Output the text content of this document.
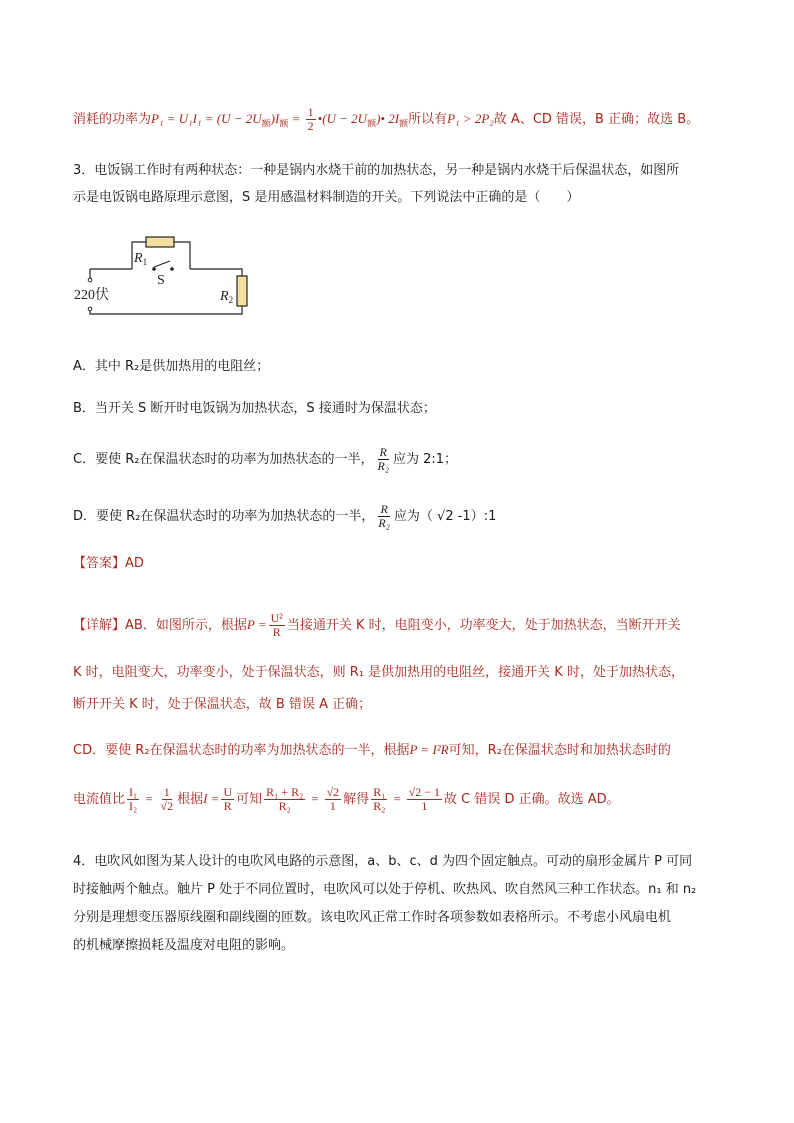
消耗的功率为$P_1 = U_1I_1 = (U - 2U_额)I_额 = \frac{1}{2}$ •(U − $2U_额)•$ $2I_额$所以有P₁ > 2P₂故 A、CD 错误，B 正确；故选 B。
3．电饭锅工作时有两种状态：一种是锅内水烧干前的加热状态，另一种是锅内水烧干后保温状态，如图所
示是电饭锅电路原理示意图，S 是用感温材料制造的开关。下列说法中正确的是（　　）
$R_1$
S
220伏	$R_2$
A．其中 R₂是供加热用的电阻丝；
B．当开关 S 断开时电饭锅为加热状态，S 接通时为保温状态；
C．要使 R₂在保温状态时的功率为加热状态的一半， $\frac{R}{\text{R₂}}$ 应为 2:1；
D．要使 R₂在保温状态时的功率为加热状态的一半， $\frac{R}{\text{R₂}}$ 应为（ √2 -1）:1
【答案】AD
【详解】AB．如图所示，根据$P = \frac{\text{U²}}{R}$ 当接通开关 K 时，电阻变小，功率变大，处于加热状态，当断开开关
K 时，电阻变大，功率变小，处于保温状态，则 R₁ 是供加热用的电阻丝，接通开关 K 时，处于加热状态，
断开开关 K 时，处于保温状态，故 B 错误 A 正确；
CD．要使 R₂在保温状态时的功率为加热状态的一半，根据P = I²R可知，R₂在保温状态时和加热状态时的
电流值比 $\frac{\text{I₁}}{\text{I₂}} = \frac{1}{√2}$ 根据$I = \frac{U}{R}$ 可知 $\frac{\text{R₁ + R₂}}{\text{R₂}} = \frac{√2}{1}$ 解得 $\frac{\text{R₁}}{\text{R₂}} = \frac{√2 - 1}{1}$ 故 C 错误 D 正确。故选 AD。
4．电吹风如图为某人设计的电吹风电路的示意图，a、b、c、d 为四个固定触点。可动的扇形金属片 P 可同
时接触两个触点。触片 P 处于不同位置时，电吹风可以处于停机、吹热风、吹自然风三种工作状态。n₁ 和 n₂
分别是理想变压器原线圈和副线圈的匝数。该电吹风正常工作时各项参数如表格所示。不考虑小风扇电机
的机械摩擦损耗及温度对电阻的影响。
